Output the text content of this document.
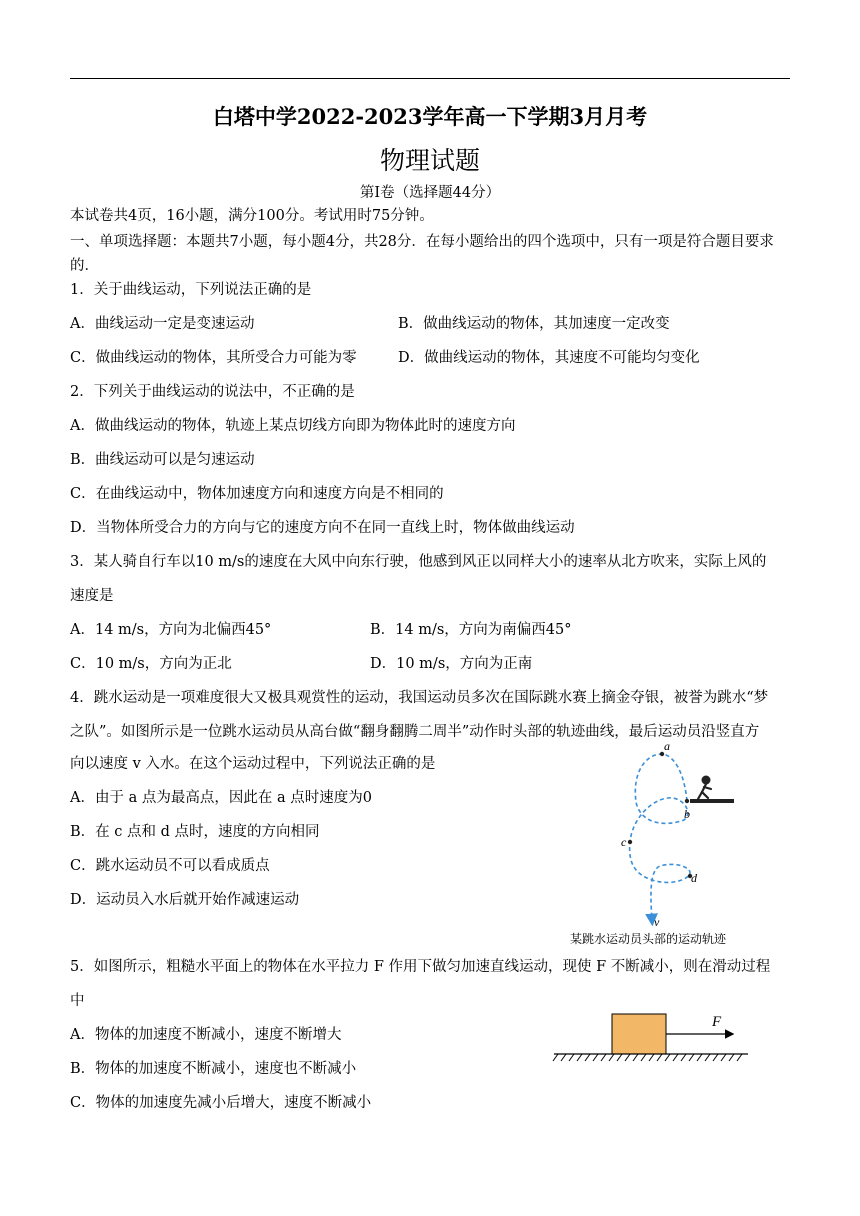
白塔中学2022-2023学年高一下学期3月月考
物理试题
第I卷（选择题44分）
本试卷共4页，16小题，满分100分。考试用时75分钟。
一、单项选择题：本题共7小题，每小题4分，共28分．在每小题给出的四个选项中，只有一项是符合题目要求的．
1．关于曲线运动，下列说法正确的是
A．曲线运动一定是变速运动	B．做曲线运动的物体，其加速度一定改变
C．做曲线运动的物体，其所受合力可能为零	D．做曲线运动的物体，其速度不可能均匀变化
2．下列关于曲线运动的说法中，不正确的是
A．做曲线运动的物体，轨迹上某点切线方向即为物体此时的速度方向
B．曲线运动可以是匀速运动
C．在曲线运动中，物体加速度方向和速度方向是不相同的
D．当物体所受合力的方向与它的速度方向不在同一直线上时，物体做曲线运动
3．某人骑自行车以10 m/s的速度在大风中向东行驶，他感到风正以同样大小的速率从北方吹来，实际上风的
速度是
A．14 m/s，方向为北偏西45°	B．14 m/s，方向为南偏西45°
C．10 m/s，方向为正北	D．10 m/s，方向为正南
4．跳水运动是一项难度很大又极具观赏性的运动，我国运动员多次在国际跳水赛上摘金夺银，被誉为跳水“梦
之队”。如图所示是一位跳水运动员从高台做“翻身翻腾二周半”动作时头部的轨迹曲线，最后运动员沿竖直方
向以速度 v 入水。在这个运动过程中，下列说法正确的是
A．由于 a 点为最高点，因此在 a 点时速度为0
B．在 c 点和 d 点时，速度的方向相同
C．跳水运动员不可以看成质点
D．运动员入水后就开始作减速运动
a
b
c
d
v
某跳水运动员头部的运动轨迹
5．如图所示，粗糙水平面上的物体在水平拉力 F 作用下做匀加速直线运动，现使 F 不断减小，则在滑动过程
中
A．物体的加速度不断减小，速度不断增大
B．物体的加速度不断减小，速度也不断减小
C．物体的加速度先减小后增大，速度不断减小
F
